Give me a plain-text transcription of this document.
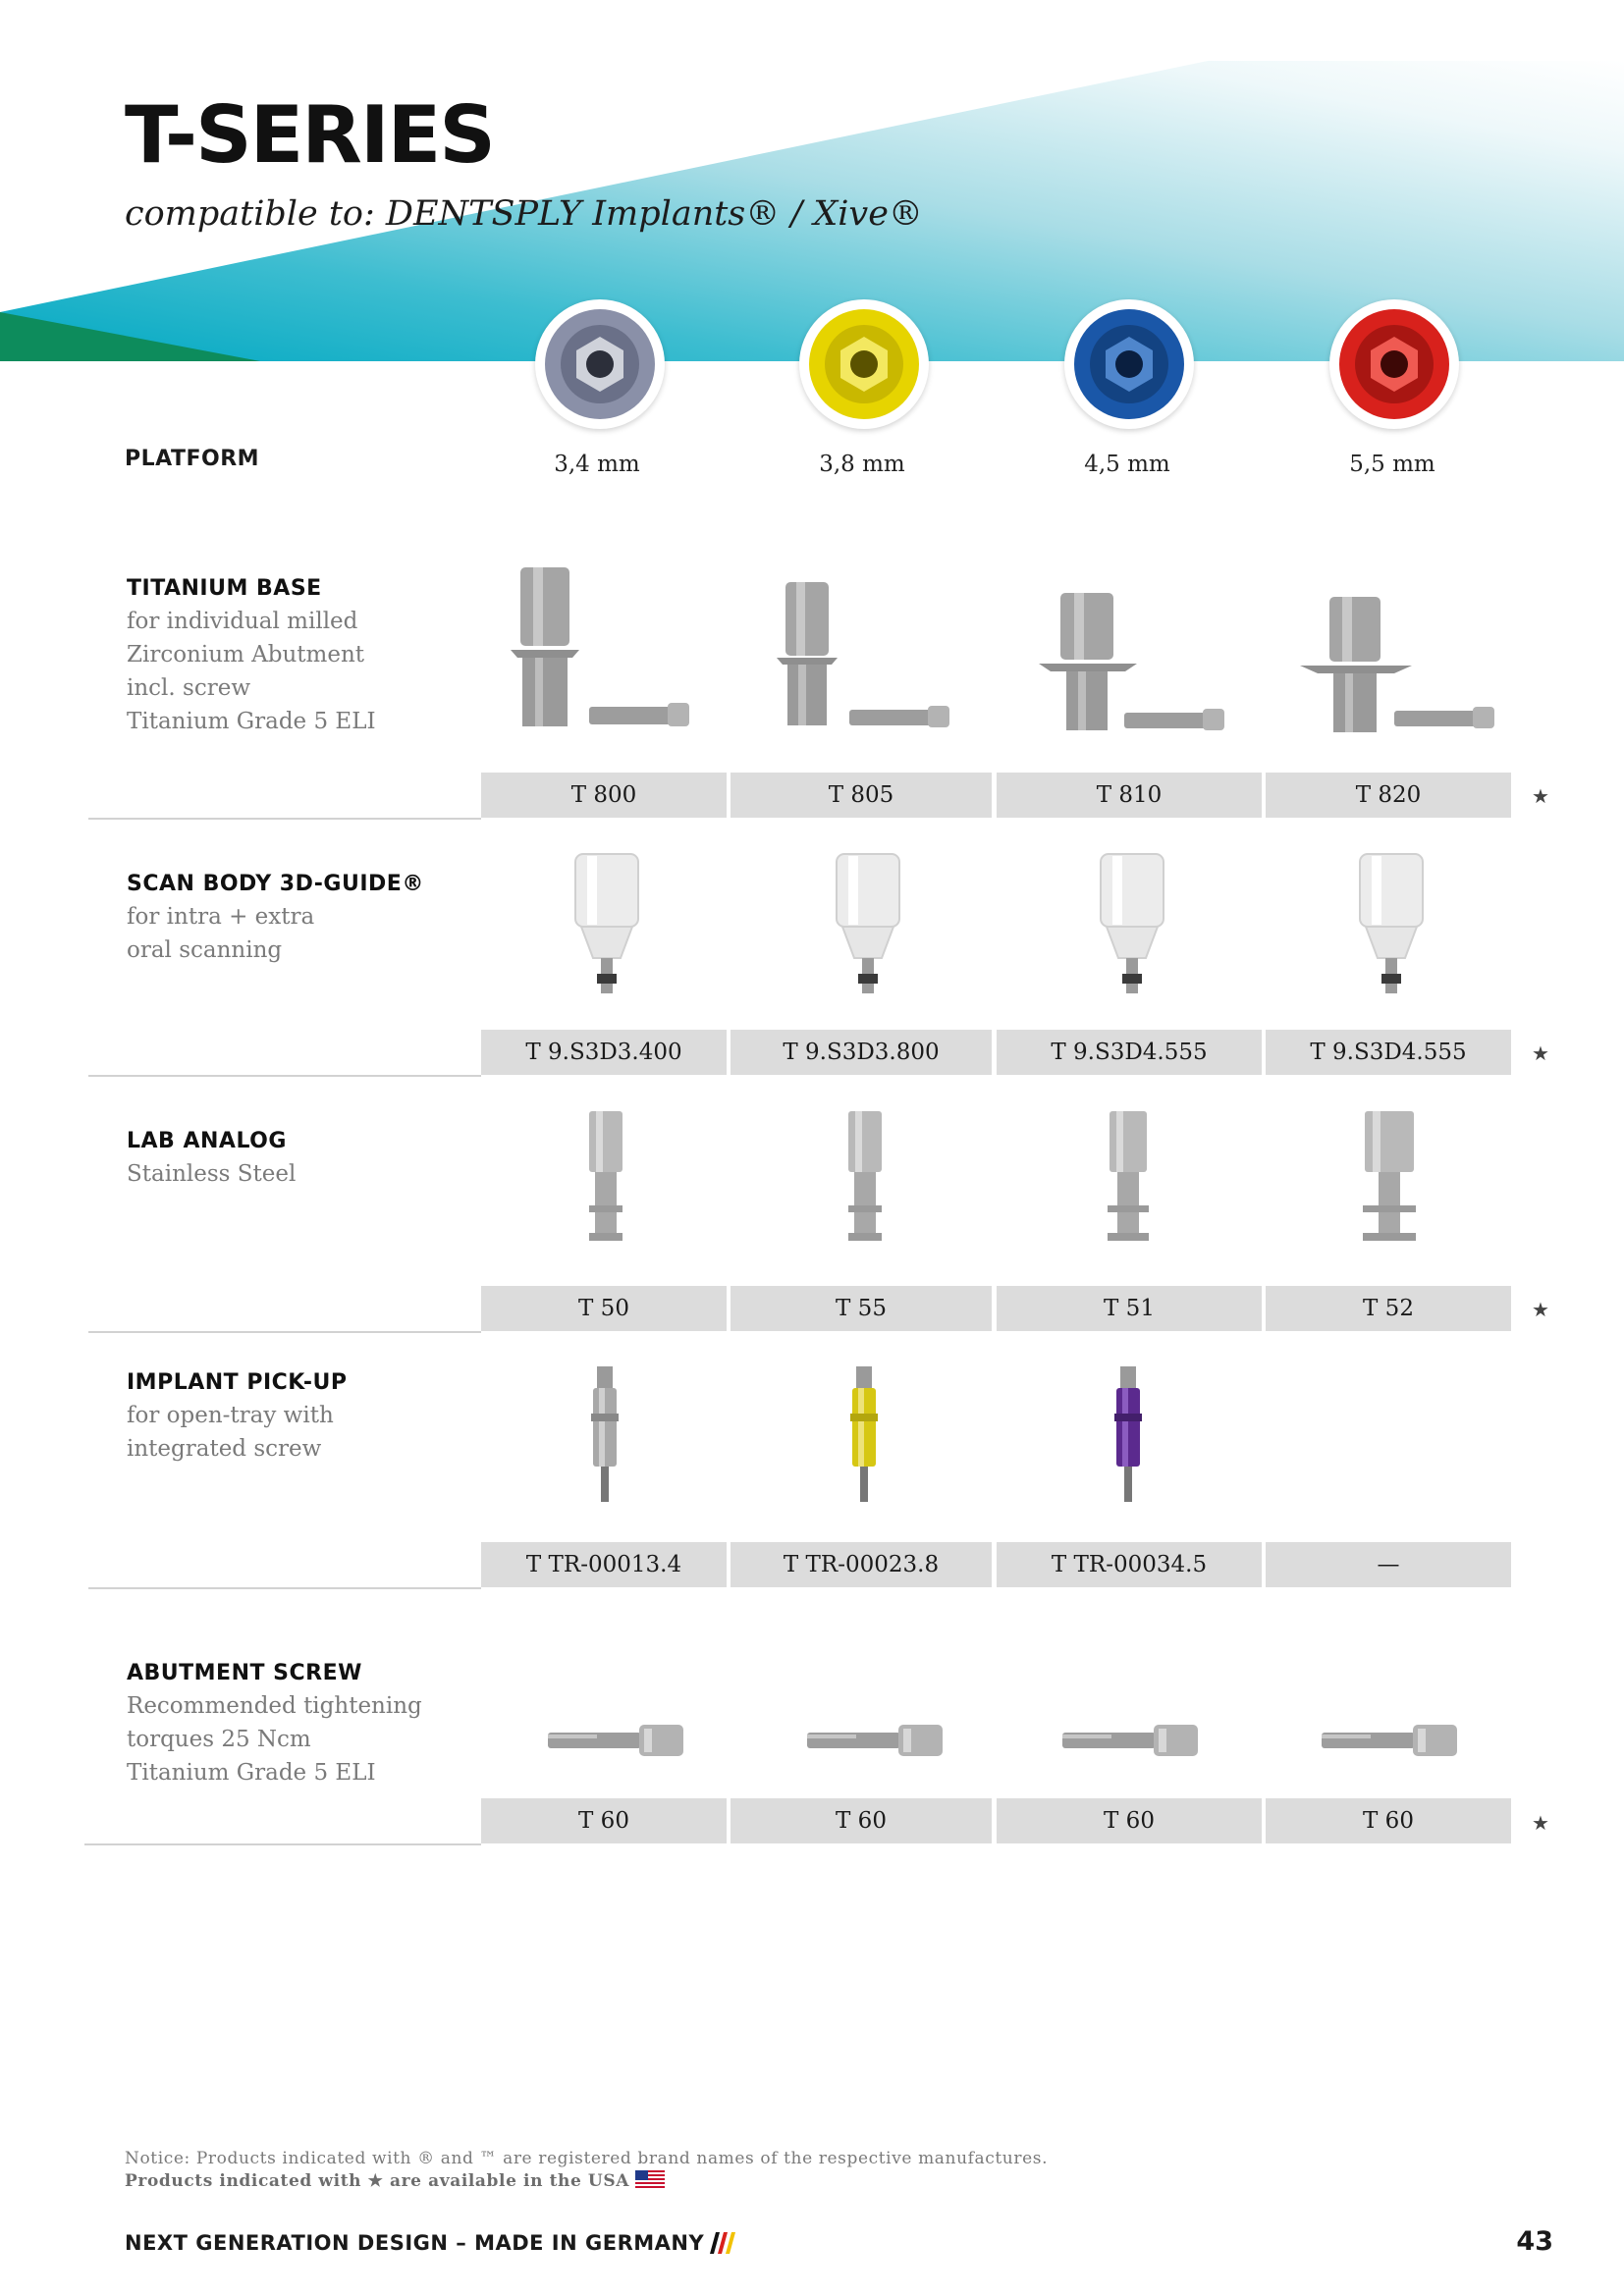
T-SERIES
compatible to: DENTSPLY Implants® / Xive®
PLATFORM	3,4 mm	3,8 mm	4,5 mm	5,5 mm
TITANIUM BASE
for individual milled
Zirconium Abutment
incl. screw
Titanium Grade 5 ELI
T 800	T 805	T 810	T 820	★
SCAN BODY 3D-GUIDE®
for intra + extra
oral scanning
T 9.S3D3.400	T 9.S3D3.800	T 9.S3D4.555	T 9.S3D4.555	★
LAB ANALOG
Stainless Steel
T 50	T 55	T 51	T 52	★
IMPLANT PICK-UP
for open-tray with
integrated screw
T TR-00013.4	T TR-00023.8	T TR-00034.5	—
ABUTMENT SCREW
Recommended tightening
torques 25 Ncm
Titanium Grade 5 ELI
T 60	T 60	T 60	T 60	★
Notice: Products indicated with ® and ™ are registered brand names of the respective manufactures.
Products indicated with ★ are available in the USA
NEXT GENERATION DESIGN – MADE IN GERMANY	43
